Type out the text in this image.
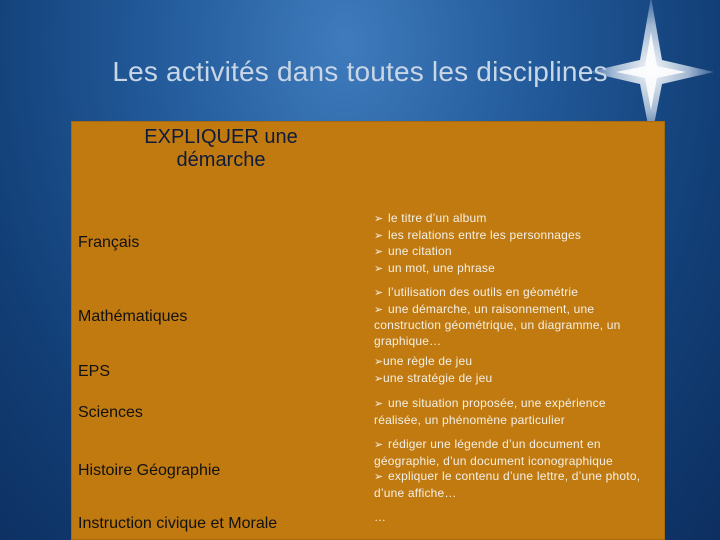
Les activités dans toutes les disciplines
EXPLIQUER une
démarche
Français
➢ le titre d’un album
➢ les relations entre les personnages
➢ une citation
➢ un mot, une phrase
Mathématiques
➢ l’utilisation des outils en géométrie
➢ une démarche, un raisonnement, une
construction géométrique, un diagramme, un
graphique…
EPS
➢une règle de jeu
➢une stratégie de jeu
Sciences	➢ une situation proposée, une expérience
réalisée, un phénomène particulier
Histoire Géographie
➢ rédiger une légende d’un document en
géographie, d’un document iconographique
➢ expliquer le contenu d’une lettre, d’une photo,
d’une affiche…
Instruction civique et Morale	…
